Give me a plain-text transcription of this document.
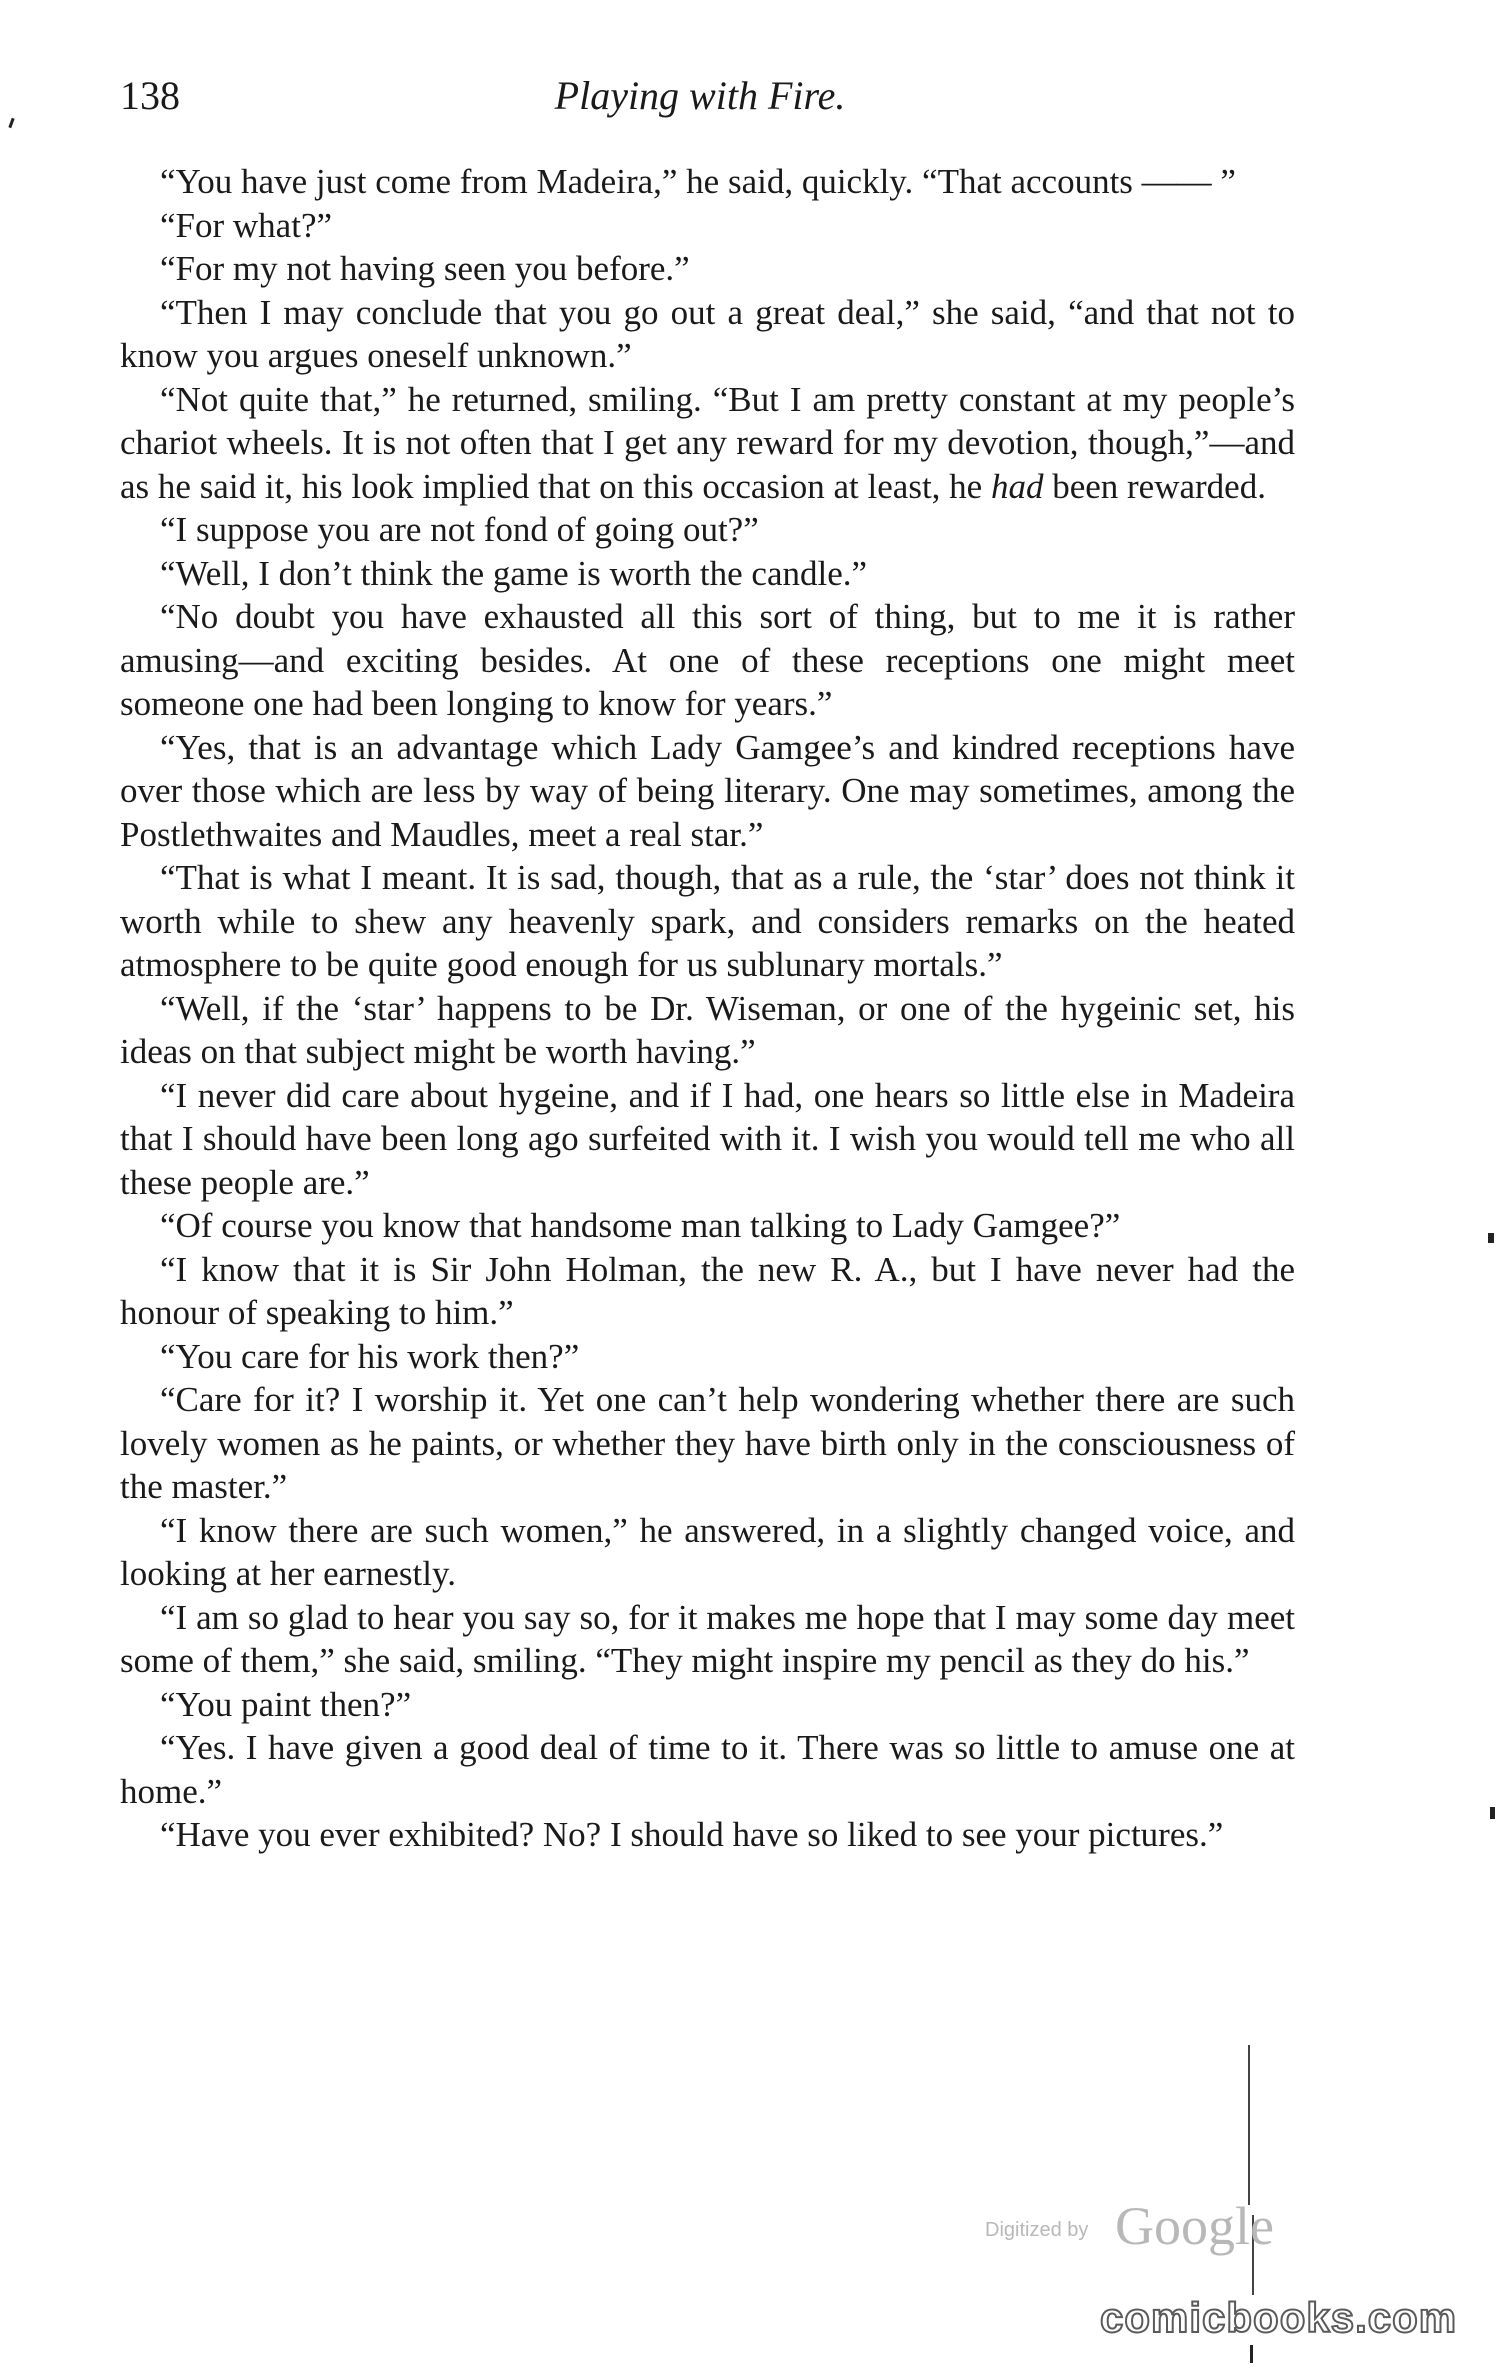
138	Playing with Fire.

“You have just come from Madeira,” he said, quickly. “That accounts —— ”

“For what?”

“For my not having seen you before.”

“Then I may conclude that you go out a great deal,” she said, “and that not to know you argues oneself unknown.”

“Not quite that,” he returned, smiling. “But I am pretty constant at my people’s chariot wheels. It is not often that I get any reward for my devotion, though,”—and as he said it, his look implied that on this occasion at least, he had been rewarded.

“I suppose you are not fond of going out?”

“Well, I don’t think the game is worth the candle.”

“No doubt you have exhausted all this sort of thing, but to me it is rather amusing—and exciting besides. At one of these receptions one might meet someone one had been longing to know for years.”

“Yes, that is an advantage which Lady Gamgee’s and kindred receptions have over those which are less by way of being literary. One may sometimes, among the Postlethwaites and Maudles, meet a real star.”

“That is what I meant. It is sad, though, that as a rule, the ‘star’ does not think it worth while to shew any heavenly spark, and considers remarks on the heated atmosphere to be quite good enough for us sublunary mortals.”

“Well, if the ‘star’ happens to be Dr. Wiseman, or one of the hygeinic set, his ideas on that subject might be worth having.”

“I never did care about hygeine, and if I had, one hears so little else in Madeira that I should have been long ago surfeited with it. I wish you would tell me who all these people are.”

“Of course you know that handsome man talking to Lady Gamgee?”

“I know that it is Sir John Holman, the new R. A., but I have never had the honour of speaking to him.”

“You care for his work then?”

“Care for it? I worship it. Yet one can’t help wondering whether there are such lovely women as he paints, or whether they have birth only in the consciousness of the master.”

“I know there are such women,” he answered, in a slightly changed voice, and looking at her earnestly.

“I am so glad to hear you say so, for it makes me hope that I may some day meet some of them,” she said, smiling. “They might inspire my pencil as they do his.”

“You paint then?”

“Yes. I have given a good deal of time to it. There was so little to amuse one at home.”

“Have you ever exhibited? No? I should have so liked to see your pictures.”

Digitized by Google
comicbooks.com
